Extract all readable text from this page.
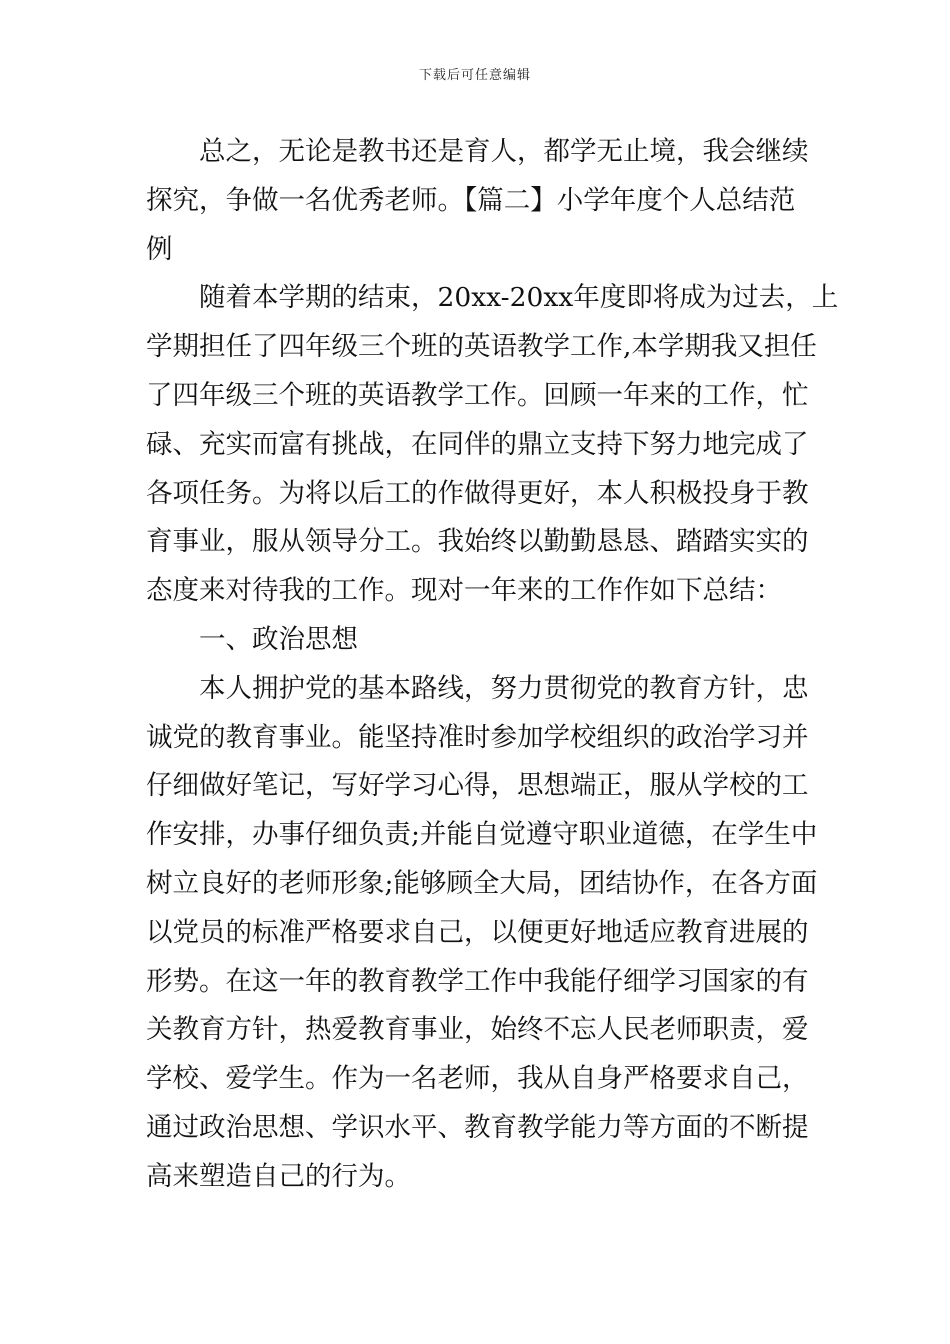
下载后可任意编辑
总之，无论是教书还是育人，都学无止境，我会继续
探究，争做一名优秀老师。【篇二】小学年度个人总结范
例
随着本学期的结束，20xx-20xx年度即将成为过去，上
学期担任了四年级三个班的英语教学工作,本学期我又担任
了四年级三个班的英语教学工作。回顾一年来的工作，忙
碌、充实而富有挑战，在同伴的鼎立支持下努力地完成了
各项任务。为将以后工的作做得更好，本人积极投身于教
育事业，服从领导分工。我始终以勤勤恳恳、踏踏实实的
态度来对待我的工作。现对一年来的工作作如下总结：
一、政治思想
本人拥护党的基本路线，努力贯彻党的教育方针，忠
诚党的教育事业。能坚持准时参加学校组织的政治学习并
仔细做好笔记，写好学习心得，思想端正，服从学校的工
作安排，办事仔细负责;并能自觉遵守职业道德，在学生中
树立良好的老师形象;能够顾全大局，团结协作，在各方面
以党员的标准严格要求自己，以便更好地适应教育进展的
形势。在这一年的教育教学工作中我能仔细学习国家的有
关教育方针，热爱教育事业，始终不忘人民老师职责，爱
学校、爱学生。作为一名老师，我从自身严格要求自己，
通过政治思想、学识水平、教育教学能力等方面的不断提
高来塑造自己的行为。
